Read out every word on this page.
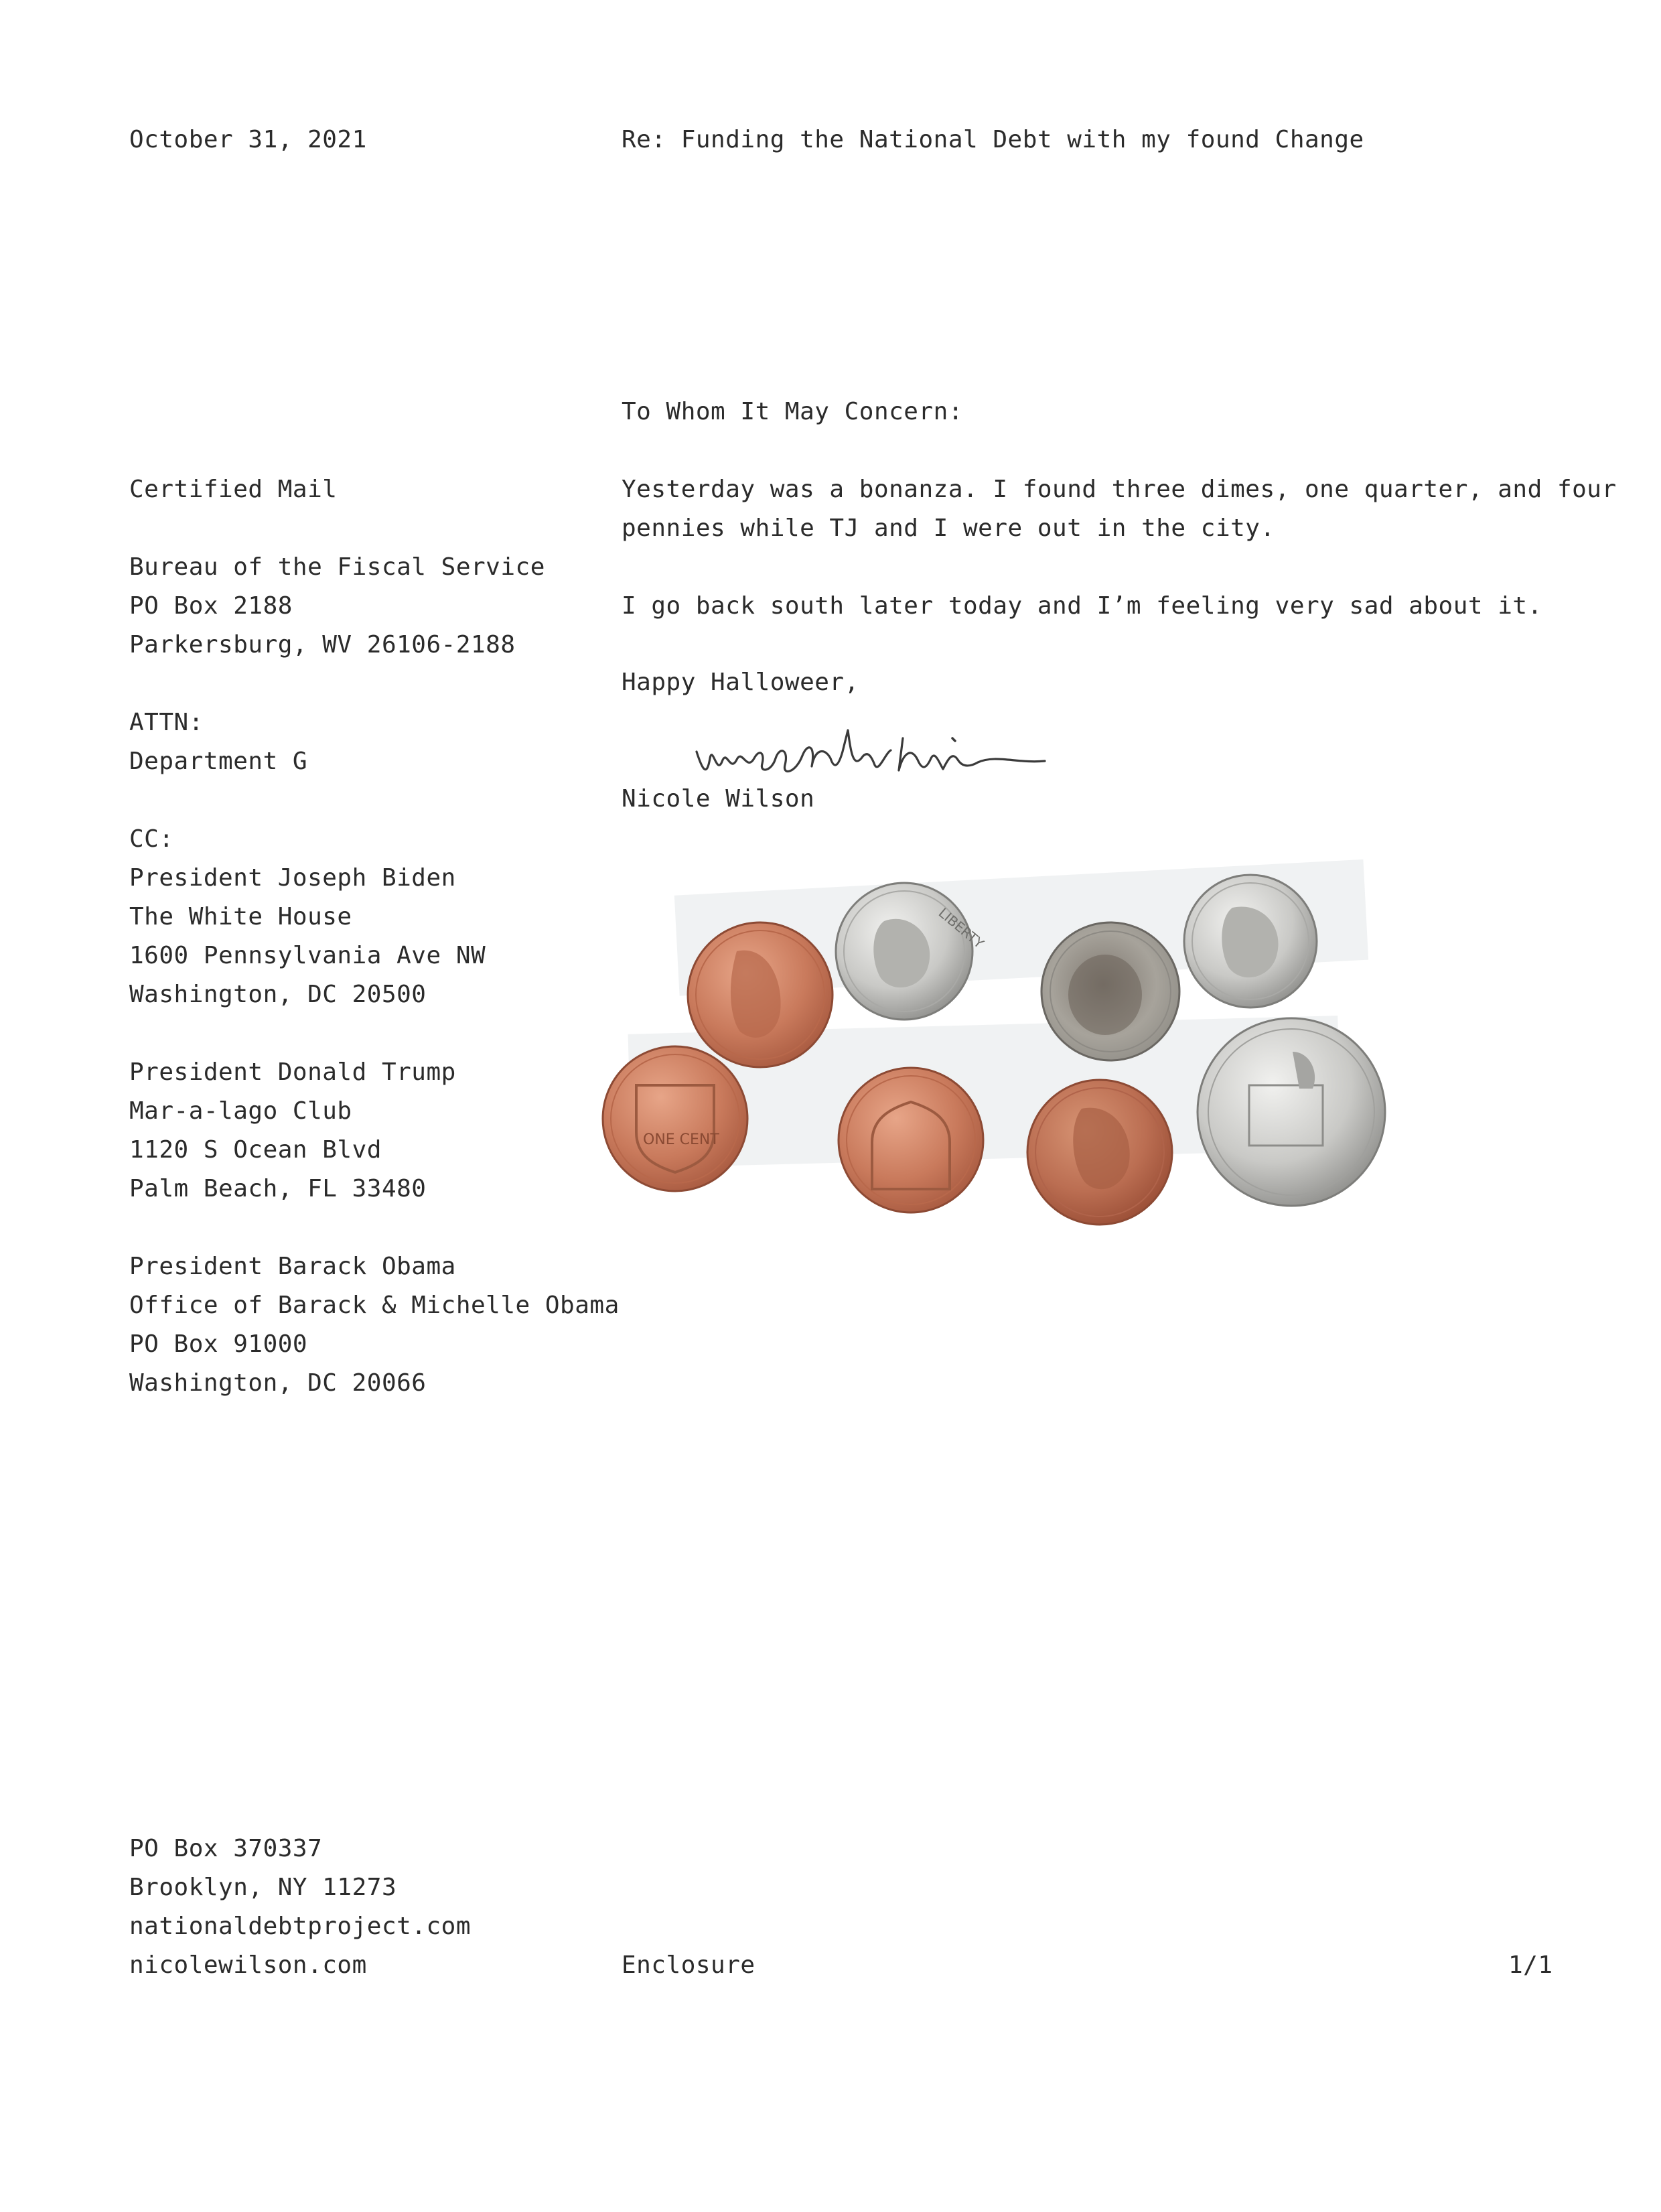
October 31, 2021	Re: Funding the National Debt with my found Change
To Whom It May Concern:
Yesterday was a bonanza. I found three dimes, one quarter, and four
pennies while TJ and I were out in the city.
I go back south later today and I’m feeling very sad about it.
Happy Halloweer,
Nicole Wilson
LIBERTY
ONE CENT
Certified Mail
Bureau of the Fiscal Service
PO Box 2188
Parkersburg, WV 26106-2188
ATTN:
Department G
CC:
President Joseph Biden
The White House
1600 Pennsylvania Ave NW
Washington, DC 20500
President Donald Trump
Mar-a-lago Club
1120 S Ocean Blvd
Palm Beach, FL 33480
President Barack Obama
Office of Barack & Michelle Obama
PO Box 91000
Washington, DC 20066
PO Box 370337
Brooklyn, NY 11273
nationaldebtproject.com
nicolewilson.com	Enclosure	1/1
